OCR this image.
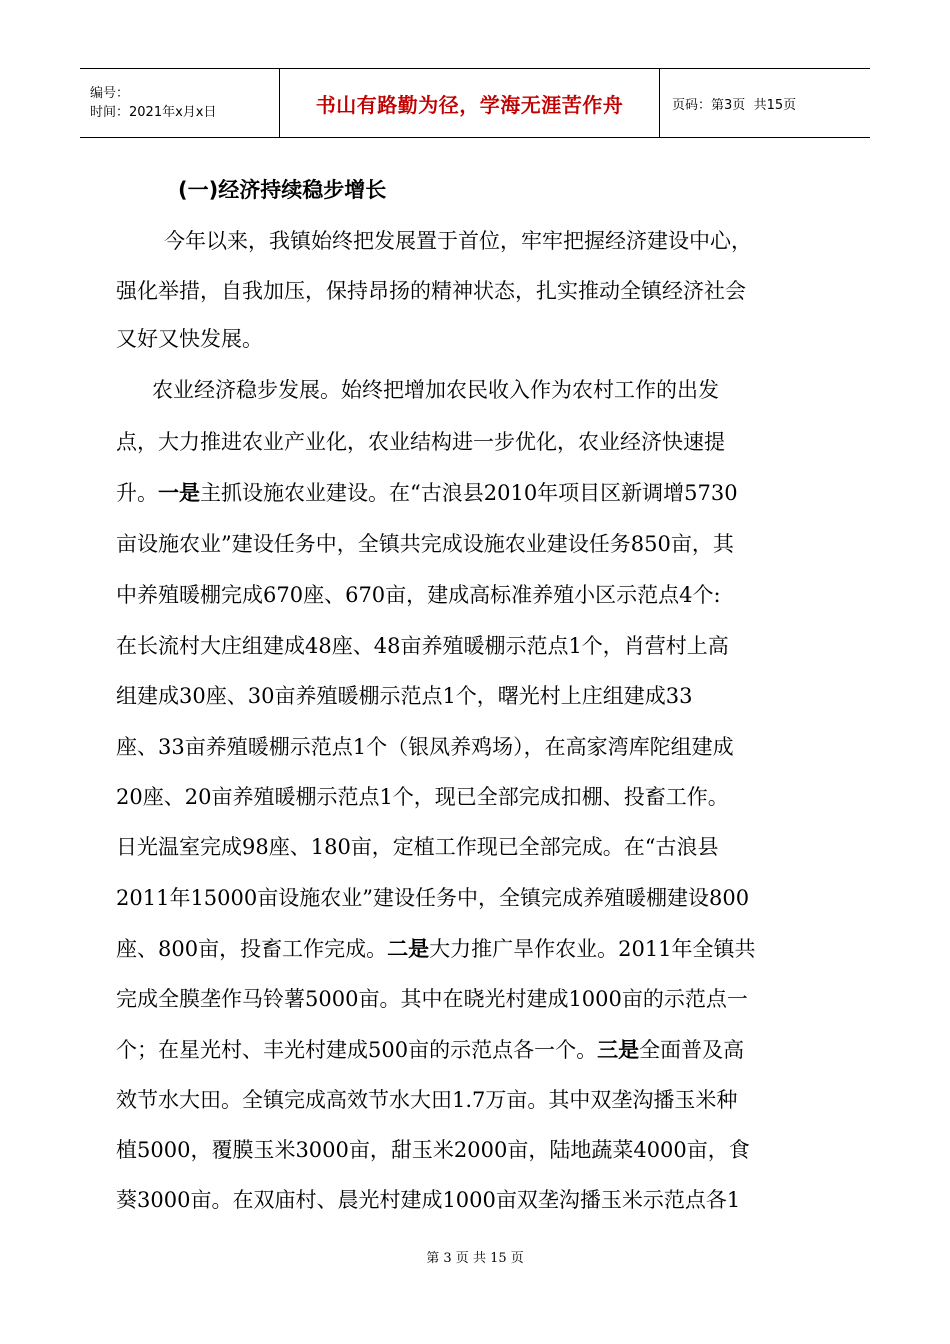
编号：
时间：2021年x月x日	书山有路勤为径，学海无涯苦作舟	页码：第3页 共15页
(一)经济持续稳步增长
今年以来，我镇始终把发展置于首位，牢牢把握经济建设中心，
强化举措，自我加压，保持昂扬的精神状态，扎实推动全镇经济社会
又好又快发展。
农业经济稳步发展。始终把增加农民收入作为农村工作的出发
点，大力推进农业产业化，农业结构进一步优化，农业经济快速提
升。一是主抓设施农业建设。在“古浪县2010年项目区新调增5730
亩设施农业”建设任务中，全镇共完成设施农业建设任务850亩，其
中养殖暖棚完成670座、670亩，建成高标准养殖小区示范点4个:
在长流村大庄组建成48座、48亩养殖暖棚示范点1个，肖营村上高
组建成30座、30亩养殖暖棚示范点1个，曙光村上庄组建成33
座、33亩养殖暖棚示范点1个（银凤养鸡场），在高家湾库陀组建成
20座、20亩养殖暖棚示范点1个，现已全部完成扣棚、投畜工作。
日光温室完成98座、180亩，定植工作现已全部完成。在“古浪县
2011年15000亩设施农业”建设任务中，全镇完成养殖暖棚建设800
座、800亩，投畜工作完成。二是大力推广旱作农业。2011年全镇共
完成全膜垄作马铃薯5000亩。其中在晓光村建成1000亩的示范点一
个；在星光村、丰光村建成500亩的示范点各一个。三是全面普及高
效节水大田。全镇完成高效节水大田1.7万亩。其中双垄沟播玉米种
植5000，覆膜玉米3000亩，甜玉米2000亩，陆地蔬菜4000亩，食
葵3000亩。在双庙村、晨光村建成1000亩双垄沟播玉米示范点各1
第 3 页 共 15 页
